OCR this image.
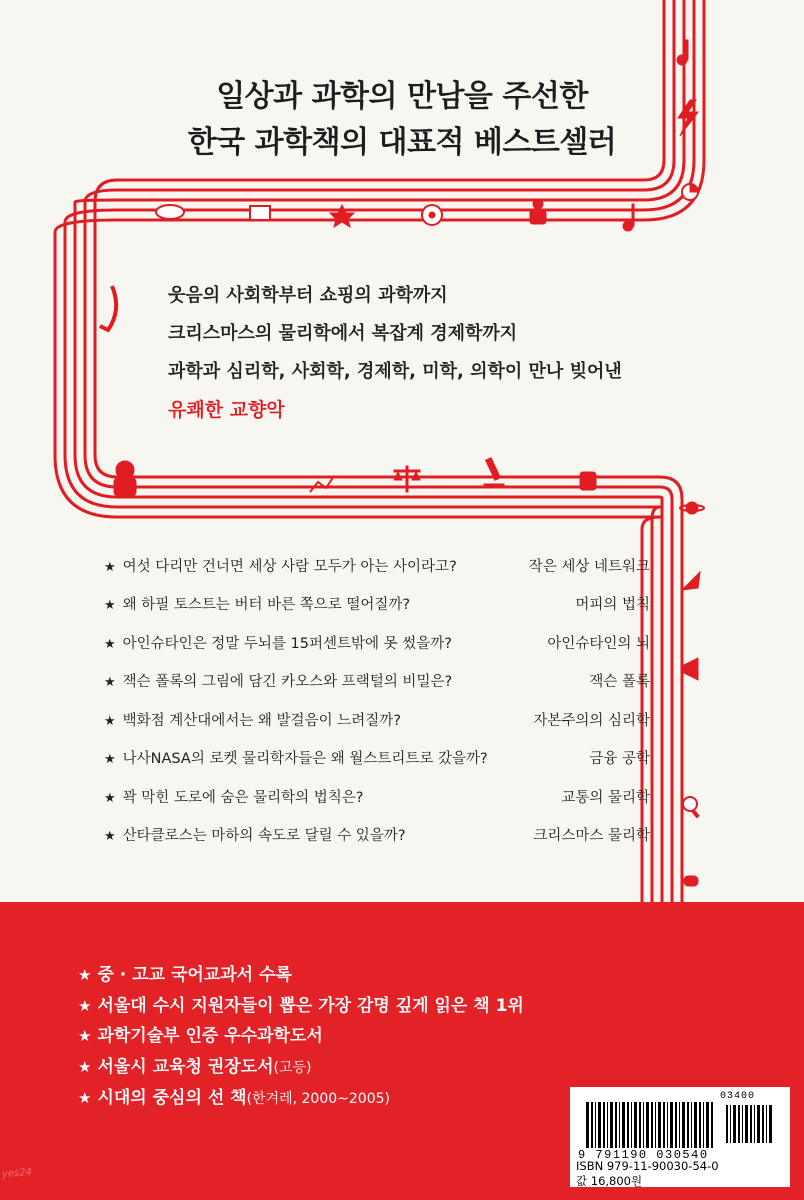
일상과 과학의 만남을 주선한
한국 과학책의 대표적 베스트셀러
웃음의 사회학부터 쇼핑의 과학까지
크리스마스의 물리학에서 복잡계 경제학까지
과학과 심리학, 사회학, 경제학, 미학, 의학이 만나 빚어낸
유쾌한 교향악
★ 여섯 다리만 건너면 세상 사람 모두가 아는 사이라고?	작은 세상 네트워크
★ 왜 하필 토스트는 버터 바른 쪽으로 떨어질까?	머피의 법칙
★ 아인슈타인은 정말 두뇌를 15퍼센트밖에 못 썼을까?	아인슈타인의 뇌
★ 잭슨 폴록의 그림에 담긴 카오스와 프랙털의 비밀은?	잭슨 폴록
★ 백화점 계산대에서는 왜 발걸음이 느려질까?	자본주의의 심리학
★ 나사NASA의 로켓 물리학자들은 왜 월스트리트로 갔을까?	금융 공학
★ 꽉 막힌 도로에 숨은 물리학의 법칙은?	교통의 물리학
★ 산타클로스는 마하의 속도로 달릴 수 있을까?	크리스마스 물리학
★ 중 · 고교 국어교과서 수록
★ 서울대 수시 지원자들이 뽑은 가장 감명 깊게 읽은 책 1위
★ 과학기술부 인증 우수과학도서
★ 서울시 교육청 권장도서(고등)
★ 시대의 중심의 선 책(한겨레, 2000~2005)	03400
9 791190 030540
ISBN 979-11-90030-54-0
값 16,800원
yes24
